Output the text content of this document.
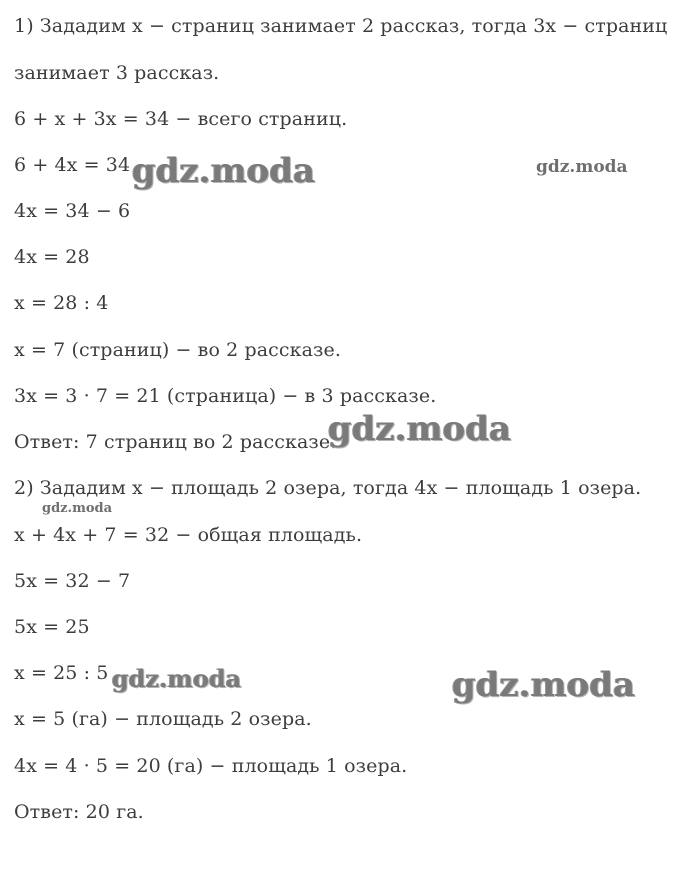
1) Зададим x − страниц занимает 2 рассказ, тогда 3x − страниц
занимает 3 рассказ.
6 + x + 3x = 34 − всего страниц.
6 + 4x = 34
4x = 34 − 6
4x = 28
x = 28 : 4
x = 7 (страниц) − во 2 рассказе.
3x = 3 · 7 = 21 (страница) − в 3 рассказе.
Ответ: 7 страниц во 2 рассказе.
2) Зададим x − площадь 2 озера, тогда 4x − площадь 1 озера.
x + 4x + 7 = 32 − общая площадь.
5x = 32 − 7
5x = 25
x = 25 : 5
x = 5 (га) − площадь 2 озера.
4x = 4 · 5 = 20 (га) − площадь 1 озера.
Ответ: 20 га.
gdz.moda	gdz.moda
gdz.moda
gdz.moda
gdz.moda	gdz.moda
